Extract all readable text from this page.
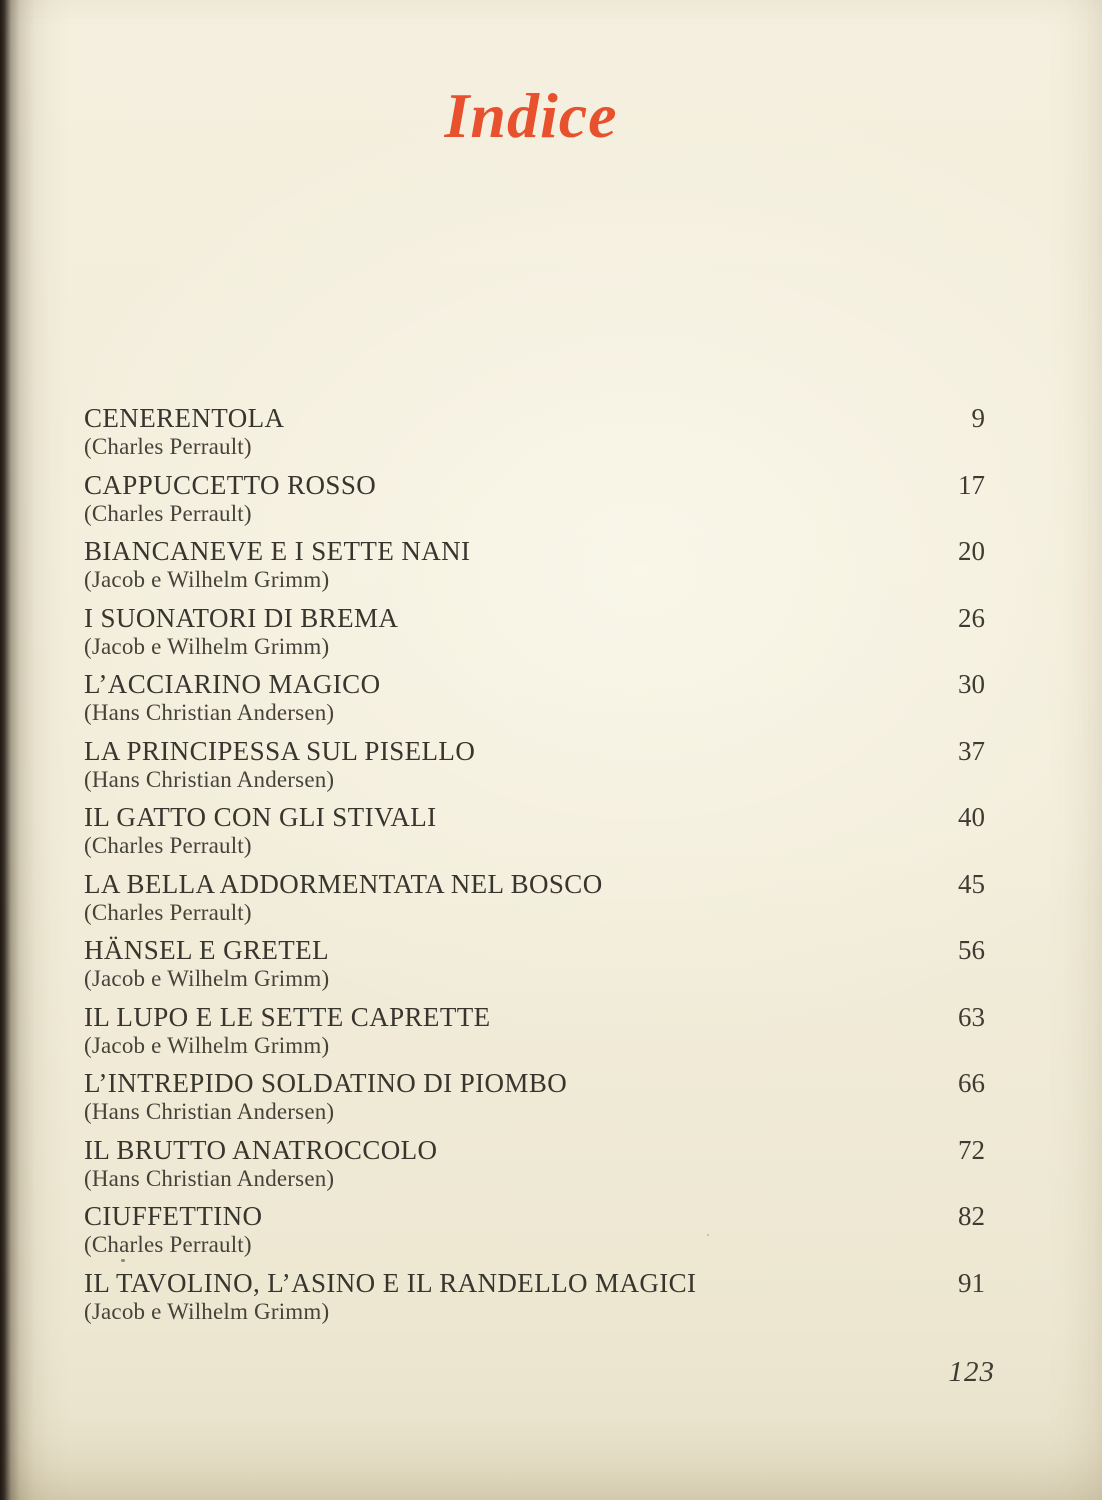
Indice
CENERENTOLA
(Charles Perrault)
9
CAPPUCCETTO ROSSO
(Charles Perrault)
17
BIANCANEVE E I SETTE NANI
(Jacob e Wilhelm Grimm)
20
I SUONATORI DI BREMA
(Jacob e Wilhelm Grimm)
26
L’ACCIARINO MAGICO
(Hans Christian Andersen)
30
LA PRINCIPESSA SUL PISELLO
(Hans Christian Andersen)
37
IL GATTO CON GLI STIVALI
(Charles Perrault)
40
LA BELLA ADDORMENTATA NEL BOSCO
(Charles Perrault)
45
HÄNSEL E GRETEL
(Jacob e Wilhelm Grimm)
56
IL LUPO E LE SETTE CAPRETTE
(Jacob e Wilhelm Grimm)
63
L’INTREPIDO SOLDATINO DI PIOMBO
(Hans Christian Andersen)
66
IL BRUTTO ANATROCCOLO
(Hans Christian Andersen)
72
CIUFFETTINO
(Charles Perrault)
82
IL TAVOLINO, L’ASINO E IL RANDELLO MAGICI
(Jacob e Wilhelm Grimm)
91
123
